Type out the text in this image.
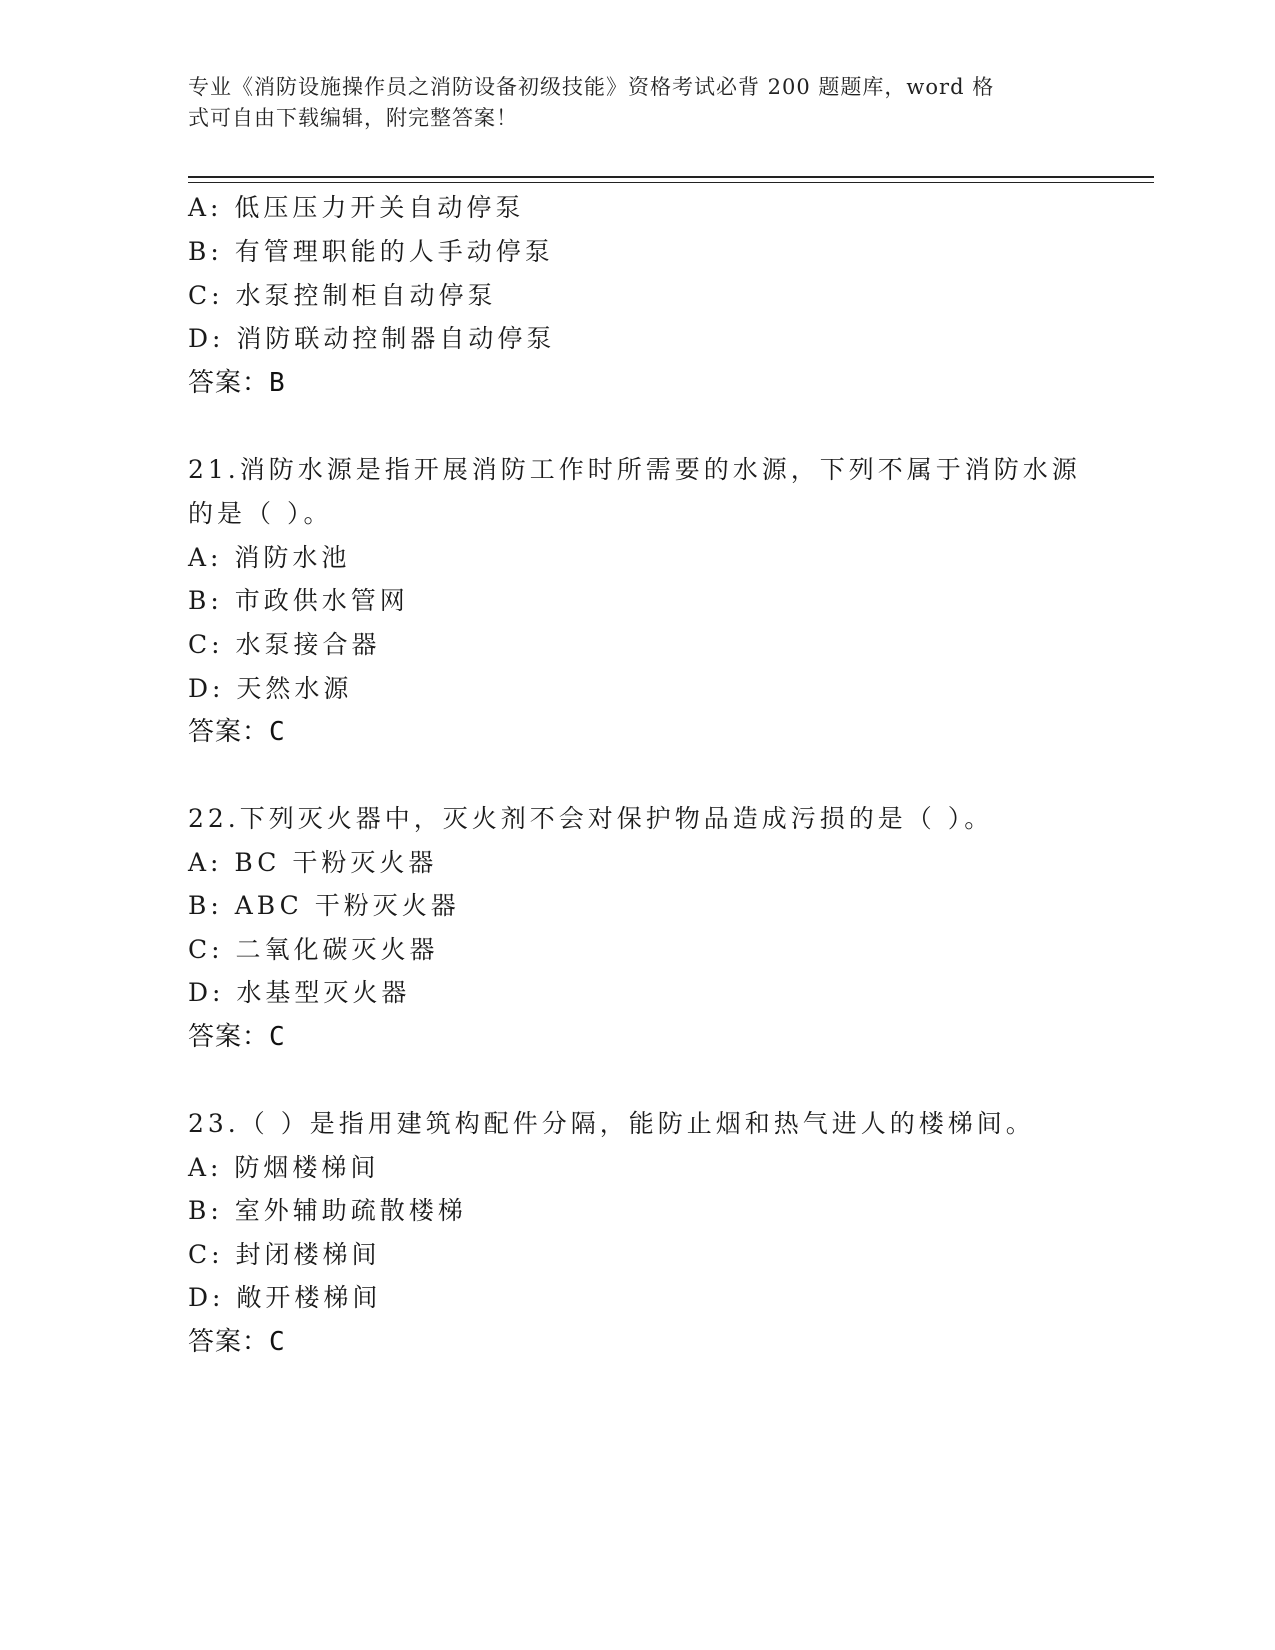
专业《消防设施操作员之消防设备初级技能》资格考试必背 200 题题库，word 格
式可自由下载编辑，附完整答案！
A: 低压压力开关自动停泵
B: 有管理职能的人手动停泵
C: 水泵控制柜自动停泵
D: 消防联动控制器自动停泵
答案：B
21.消防水源是指开展消防工作时所需要的水源，下列不属于消防水源
的是（ ）。
A: 消防水池
B: 市政供水管网
C: 水泵接合器
D: 天然水源
答案：C
22.下列灭火器中，灭火剂不会对保护物品造成污损的是（ ）。
A: BC 干粉灭火器
B: ABC 干粉灭火器
C: 二氧化碳灭火器
D: 水基型灭火器
答案：C
23.（ ）是指用建筑构配件分隔，能防止烟和热气进人的楼梯间。
A: 防烟楼梯间
B: 室外辅助疏散楼梯
C: 封闭楼梯间
D: 敞开楼梯间
答案：C
